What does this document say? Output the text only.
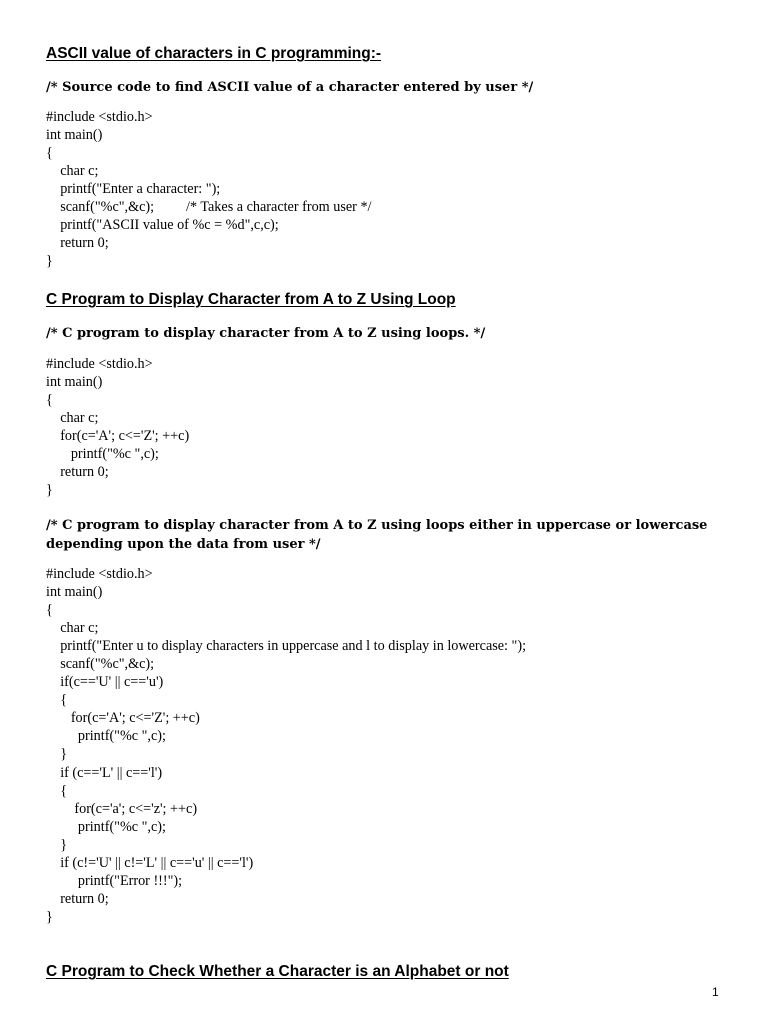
ASCII value of characters in C programming:-
/* Source code to find ASCII value of a character entered by user */
#include <stdio.h>
int main()
{
char c;
printf("Enter a character: ");
scanf("%c",&c);         /* Takes a character from user */
printf("ASCII value of %c = %d",c,c);
return 0;
}
C Program to Display Character from A to Z Using Loop
/* C program to display character from A to Z using loops. */
#include <stdio.h>
int main()
{
char c;
for(c='A'; c<='Z'; ++c)
printf("%c ",c);
return 0;
}
/* C program to display character from A to Z using loops either in uppercase or lowercase depending upon the data from user */
#include <stdio.h>
int main()
{
char c;
printf("Enter u to display characters in uppercase and l to display in lowercase: ");
scanf("%c",&c);
if(c=='U' || c=='u')
{
for(c='A'; c<='Z'; ++c)
printf("%c ",c);
}
if (c=='L' || c=='l')
{
for(c='a'; c<='z'; ++c)
printf("%c ",c);
}
if (c!='U' || c!='L' || c=='u' || c=='l')
printf("Error !!!");
return 0;
}
C Program to Check Whether a Character is an Alphabet or not
1
